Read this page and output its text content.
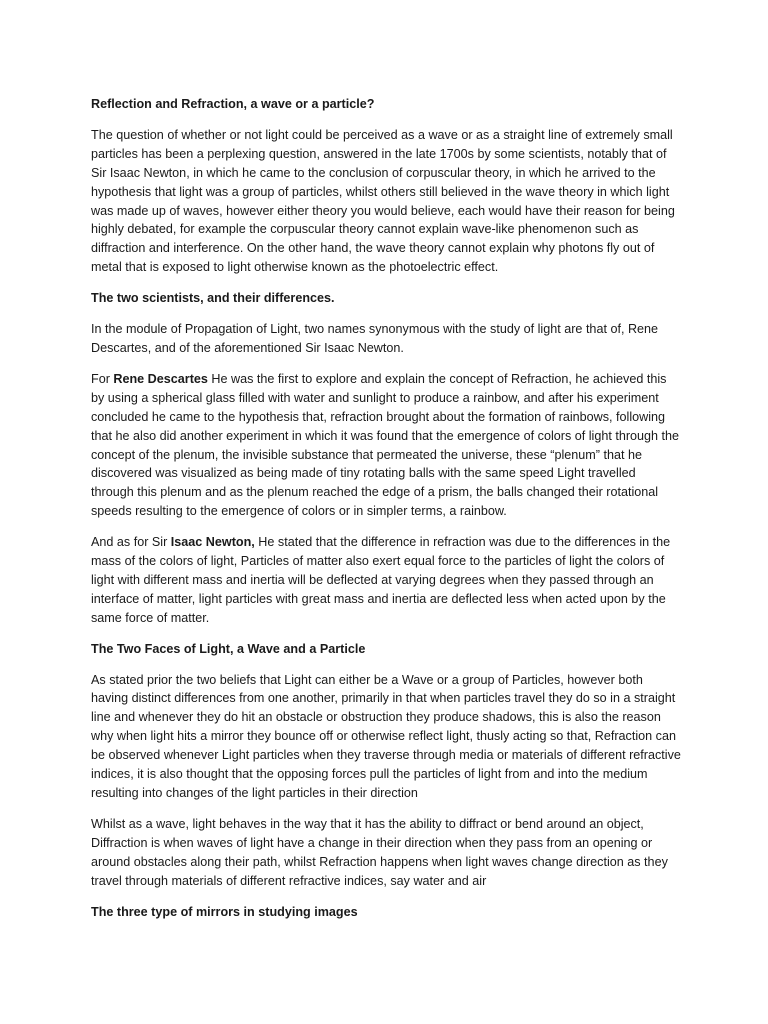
Reflection and Refraction, a wave or a particle?

The question of whether or not light could be perceived as a wave or as a straight line of extremely small particles has been a perplexing question, answered in the late 1700s by some scientists, notably that of Sir Isaac Newton, in which he came to the conclusion of corpuscular theory, in which he arrived to the hypothesis that light was a group of particles, whilst others still believed in the wave theory in which light was made up of waves, however either theory you would believe, each would have their reason for being highly debated, for example the corpuscular theory cannot explain wave-like phenomenon such as diffraction and interference. On the other hand, the wave theory cannot explain why photons fly out of metal that is exposed to light otherwise known as the photoelectric effect.

The two scientists, and their differences.

In the module of Propagation of Light, two names synonymous with the study of light are that of, Rene Descartes, and of the aforementioned Sir Isaac Newton.

For Rene Descartes He was the first to explore and explain the concept of Refraction, he achieved this by using a spherical glass filled with water and sunlight to produce a rainbow, and after his experiment concluded he came to the hypothesis that, refraction brought about the formation of rainbows, following that he also did another experiment in which it was found that the emergence of colors of light through the concept of the plenum, the invisible substance that permeated the universe, these “plenum” that he discovered was visualized as being made of tiny rotating balls with the same speed Light travelled through this plenum and as the plenum reached the edge of a prism, the balls changed their rotational speeds resulting to the emergence of colors or in simpler terms, a rainbow.

And as for Sir Isaac Newton, He stated that the difference in refraction was due to the differences in the mass of the colors of light, Particles of matter also exert equal force to the particles of light the colors of light with different mass and inertia will be deflected at varying degrees when they passed through an interface of matter, light particles with great mass and inertia are deflected less when acted upon by the same force of matter.

The Two Faces of Light, a Wave and a Particle

As stated prior the two beliefs that Light can either be a Wave or a group of Particles, however both having distinct differences from one another, primarily in that when particles travel they do so in a straight line and whenever they do hit an obstacle or obstruction they produce shadows, this is also the reason why when light hits a mirror they bounce off or otherwise reflect light, thusly acting so that, Refraction can be observed whenever Light particles when they traverse through media or materials of different refractive indices, it is also thought that the opposing forces pull the particles of light from and into the medium resulting into changes of the light particles in their direction

Whilst as a wave, light behaves in the way that it has the ability to diffract or bend around an object, Diffraction is when waves of light have a change in their direction when they pass from an opening or around obstacles along their path, whilst Refraction happens when light waves change direction as they travel through materials of different refractive indices, say water and air

The three type of mirrors in studying images
